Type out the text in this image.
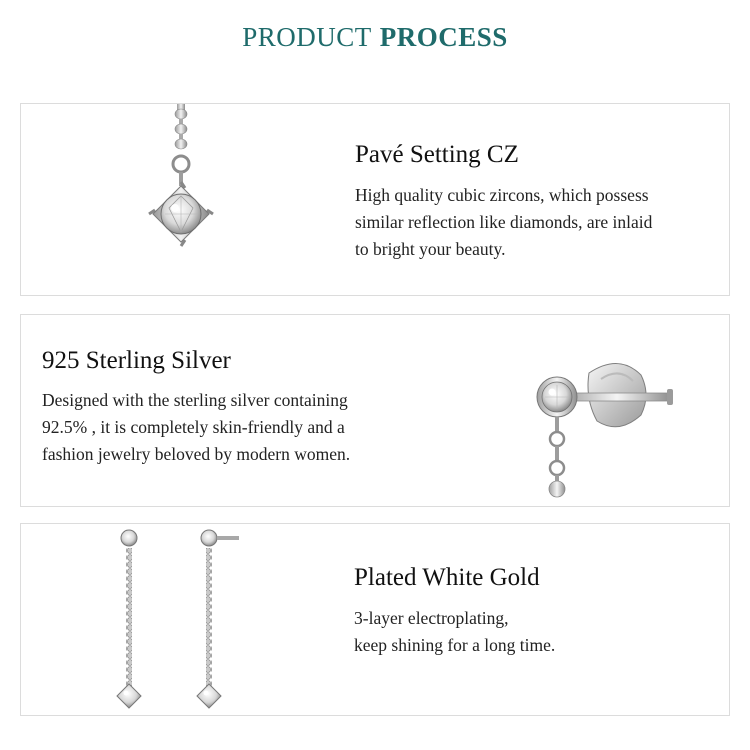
PRODUCT PROCESS

Pavé Setting CZ

High quality cubic zircons, which possess
similar reflection like diamonds, are inlaid
to bright your beauty.

925 Sterling Silver

Designed with the sterling silver containing
92.5% , it is completely skin-friendly and a
fashion jewelry beloved by modern women.

Plated White Gold

3-layer electroplating,
keep shining for a long time.
